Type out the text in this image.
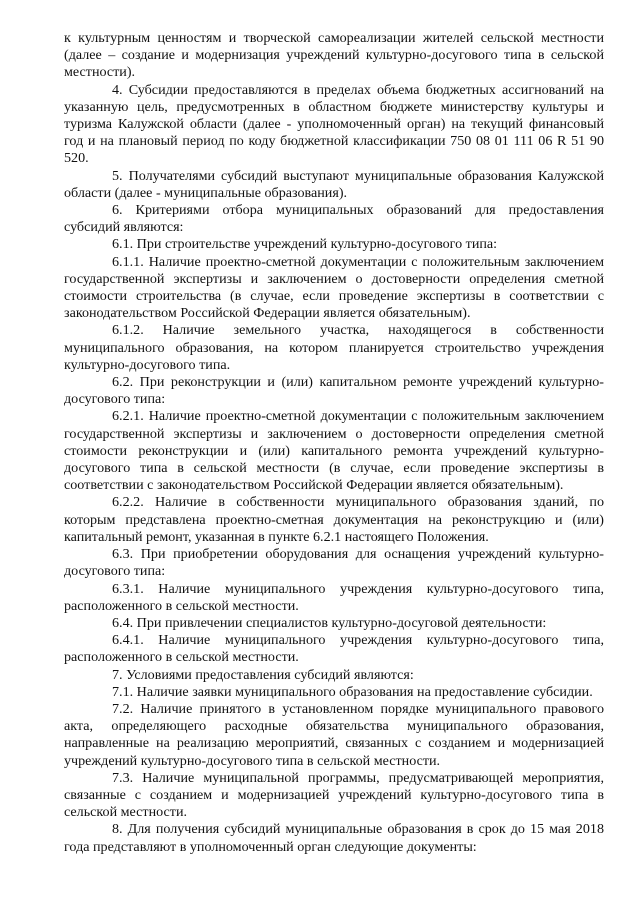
к культурным ценностям и творческой самореализации жителей сельской местности (далее – создание и модернизация учреждений культурно-досугового типа в сельской местности).

4. Субсидии предоставляются в пределах объема бюджетных ассигнований на указанную цель, предусмотренных в областном бюджете министерству культуры и туризма Калужской области (далее - уполномоченный орган) на текущий финансовый год и на плановый период по коду бюджетной классификации 750 08 01 111 06 R 51 90 520.

5. Получателями субсидий выступают муниципальные образования Калужской области (далее - муниципальные образования).

6. Критериями отбора муниципальных образований для предоставления субсидий являются:

6.1. При строительстве учреждений культурно-досугового типа:

6.1.1. Наличие проектно-сметной документации с положительным заключением государственной экспертизы и заключением о достоверности определения сметной стоимости строительства (в случае, если проведение экспертизы в соответствии с законодательством Российской Федерации является обязательным).

6.1.2. Наличие земельного участка, находящегося в собственности муниципального образования, на котором планируется строительство учреждения культурно-досугового типа.

6.2. При реконструкции и (или) капитальном ремонте учреждений культурно-досугового типа:

6.2.1. Наличие проектно-сметной документации с положительным заключением государственной экспертизы и заключением о достоверности определения сметной стоимости реконструкции и (или) капитального ремонта учреждений культурно-досугового типа в сельской местности (в случае, если проведение экспертизы в соответствии с законодательством Российской Федерации является обязательным).

6.2.2. Наличие в собственности муниципального образования зданий, по которым представлена проектно-сметная документация на реконструкцию и (или) капитальный ремонт, указанная в пункте 6.2.1 настоящего Положения.

6.3. При приобретении оборудования для оснащения учреждений культурно-досугового типа:

6.3.1. Наличие муниципального учреждения культурно-досугового типа, расположенного в сельской местности.

6.4. При привлечении специалистов культурно-досуговой деятельности:

6.4.1. Наличие муниципального учреждения культурно-досугового типа, расположенного в сельской местности.

7. Условиями предоставления субсидий являются:

7.1. Наличие заявки муниципального образования на предоставление субсидии.

7.2. Наличие принятого в установленном порядке муниципального правового акта, определяющего расходные обязательства муниципального образования, направленные на реализацию мероприятий, связанных с созданием и модернизацией учреждений культурно-досугового типа в сельской местности.

7.3. Наличие муниципальной программы, предусматривающей мероприятия, связанные с созданием и модернизацией учреждений культурно-досугового типа в сельской местности.

8. Для получения субсидий муниципальные образования в срок до 15 мая 2018 года представляют в уполномоченный орган следующие документы:
